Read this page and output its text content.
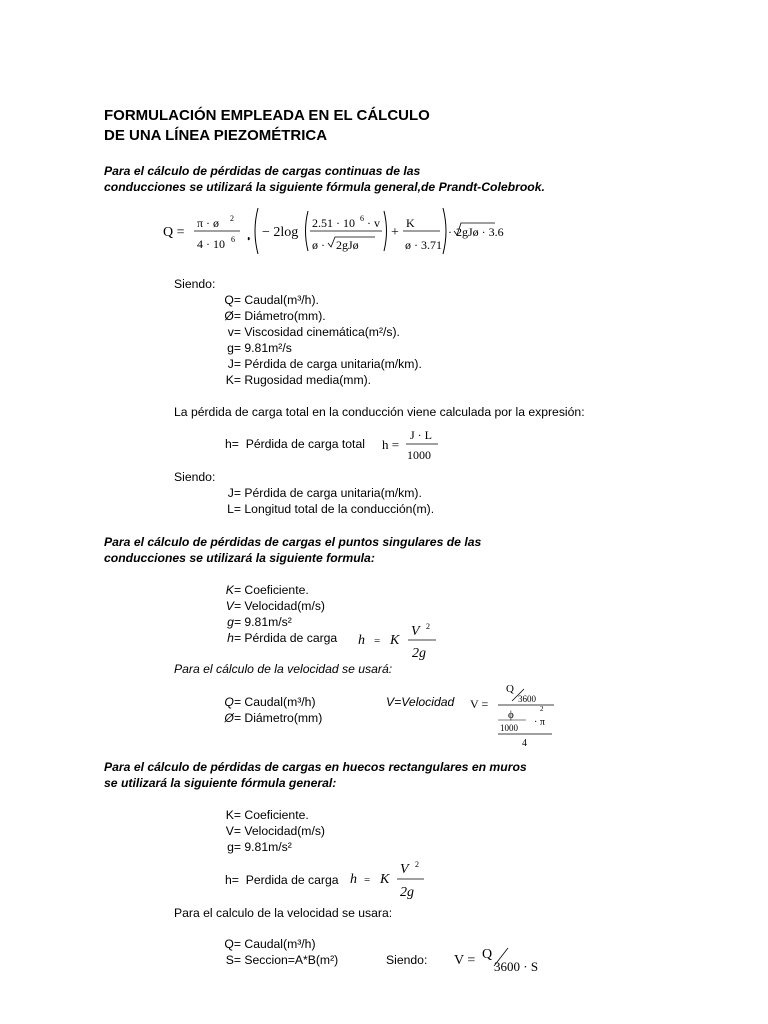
FORMULACIÓN EMPLEADA EN EL CÁLCULO
DE UNA LÍNEA PIEZOMÉTRICA
Para el cálculo de pérdidas de cargas continuas de las
conducciones se utilizará la siguiente fórmula general,de Prandt-Colebrook.
Q =
π · ø 2
4 · 10 6 ⋅ − 2log
2.51 · 10 6 · v
ø · 2gJø
+
K
ø · 3.71
· 2gJø · 3.6
Siendo:
Q= Caudal(m³/h).
Ø= Diámetro(mm).
v= Viscosidad cinemática(m²/s).
g= 9.81m²/s
J= Pérdida de carga unitaria(m/km).
K= Rugosidad media(mm).
La pérdida de carga total en la conducción viene calculada por la expresión:
h= Pérdida de carga total h =
J · L
1000
Siendo:
J= Pérdida de carga unitaria(m/km).
L= Longitud total de la conducción(m).
Para el cálculo de pérdidas de cargas el puntos singulares de las
conducciones se utilizará la siguiente formula:
K= Coeficiente.
V= Velocidad(m/s)
g= 9.81m/s²
h= Pérdida de carga h = K
V 2
2g
Para el cálculo de la velocidad se usará:
Q= Caudal(m³/h)
Ø= Diámetro(mm)
V=Velocidad V =
Q
3600
ϕ	2
1000 · π
4
Para el cálculo de pérdidas de cargas en huecos rectangulares en muros
se utilizará la siguiente fórmula general:
K= Coeficiente.
V= Velocidad(m/s)
g= 9.81m/s²
h= Perdida de carga h = K
V 2
2g
Para el calculo de la velocidad se usara:
Q= Caudal(m³/h)
S= Seccion=A*B(m²)	Siendo: V = Q
3600 · S
